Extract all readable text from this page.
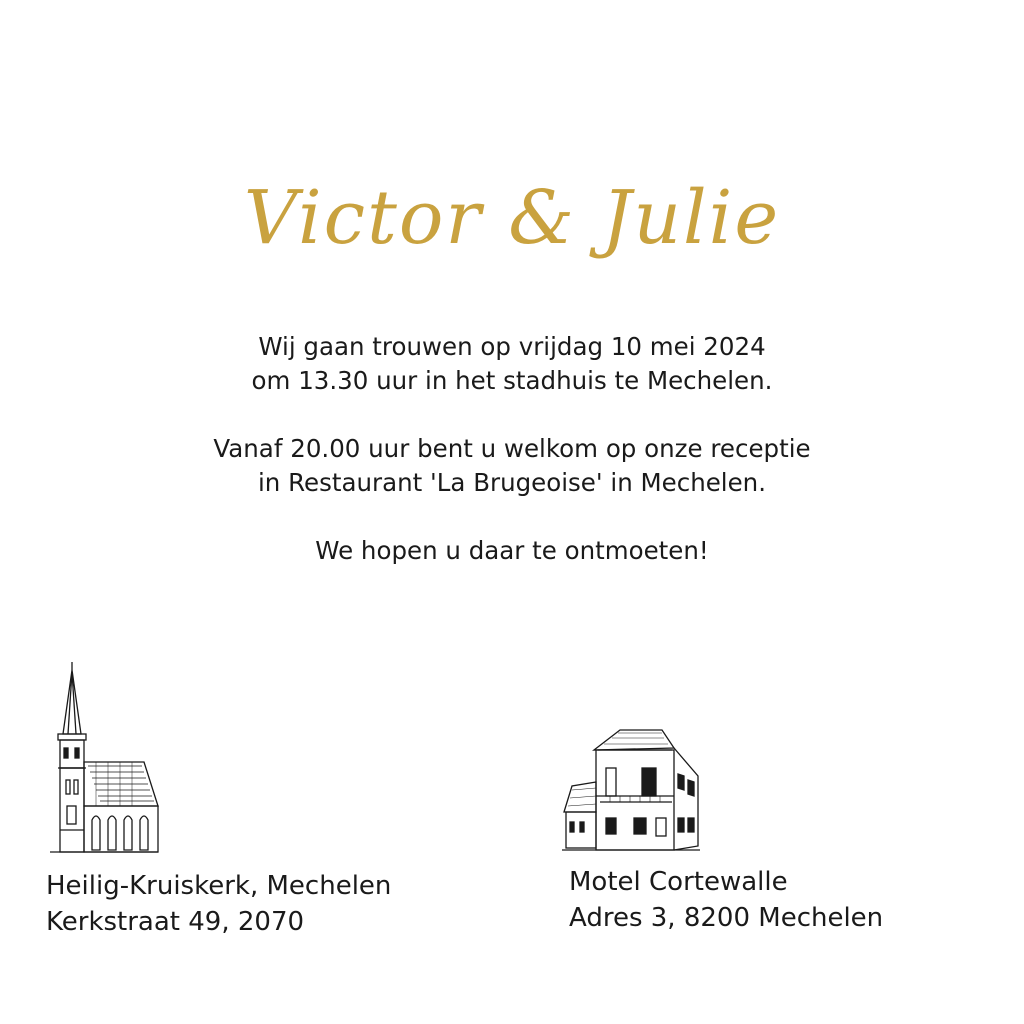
Victor & Julie
Wij gaan trouwen op vrijdag 10 mei 2024
om 13.30 uur in het stadhuis te Mechelen.
Vanaf 20.00 uur bent u welkom op onze receptie
in Restaurant 'La Brugeoise' in Mechelen.
We hopen u daar te ontmoeten!
Heilig-Kruiskerk, Mechelen
Kerkstraat 49, 2070
Motel Cortewalle
Adres 3, 8200 Mechelen
